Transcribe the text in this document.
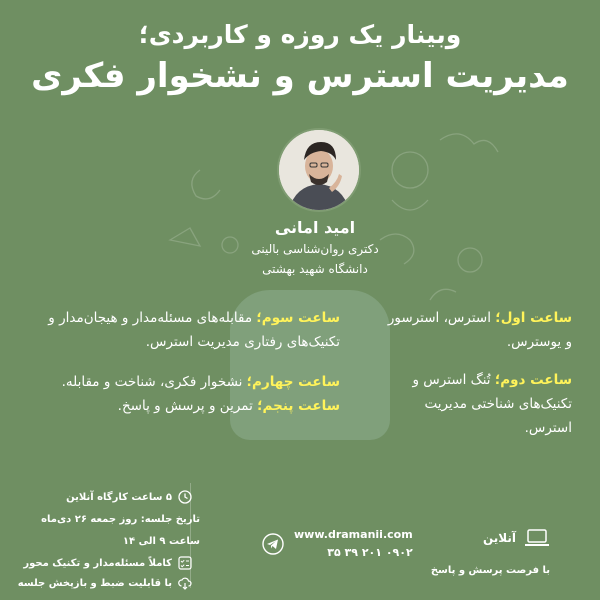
وبینار یک روزه و کاربردی؛
مدیریت استرس و نشخوار فکری
امید امانی
دکتری روان‌شناسی بالینی
دانشگاه شهید بهشتی
ساعت اول؛ استرس، استرسور و یوسترس.
ساعت دوم؛ تُنگ استرس و تکنیک‌های شناختی مدیریت استرس.
ساعت سوم؛ مقابله‌های مسئله‌مدار و هیجان‌مدار و تکنیک‌های رفتاری مدیریت استرس.
ساعت چهارم؛ نشخوار فکری، شناخت و مقابله.
ساعت پنجم؛ تمرین و پرسش و پاسخ.
۵ ساعت کارگاه آنلاین
تاریخ جلسه: روز جمعه ۲۶ دی‌ماه
ساعت ۹ الی ۱۴
کاملاً مسئله‌مدار و تکنیک محور
با قابلیت ضبط و بازپخش جلسه
www.dramanii.com
۰۹۰۲ ۲۰۱ ۳۹ ۳۵
آنلاین
با فرصت پرسش و پاسخ
